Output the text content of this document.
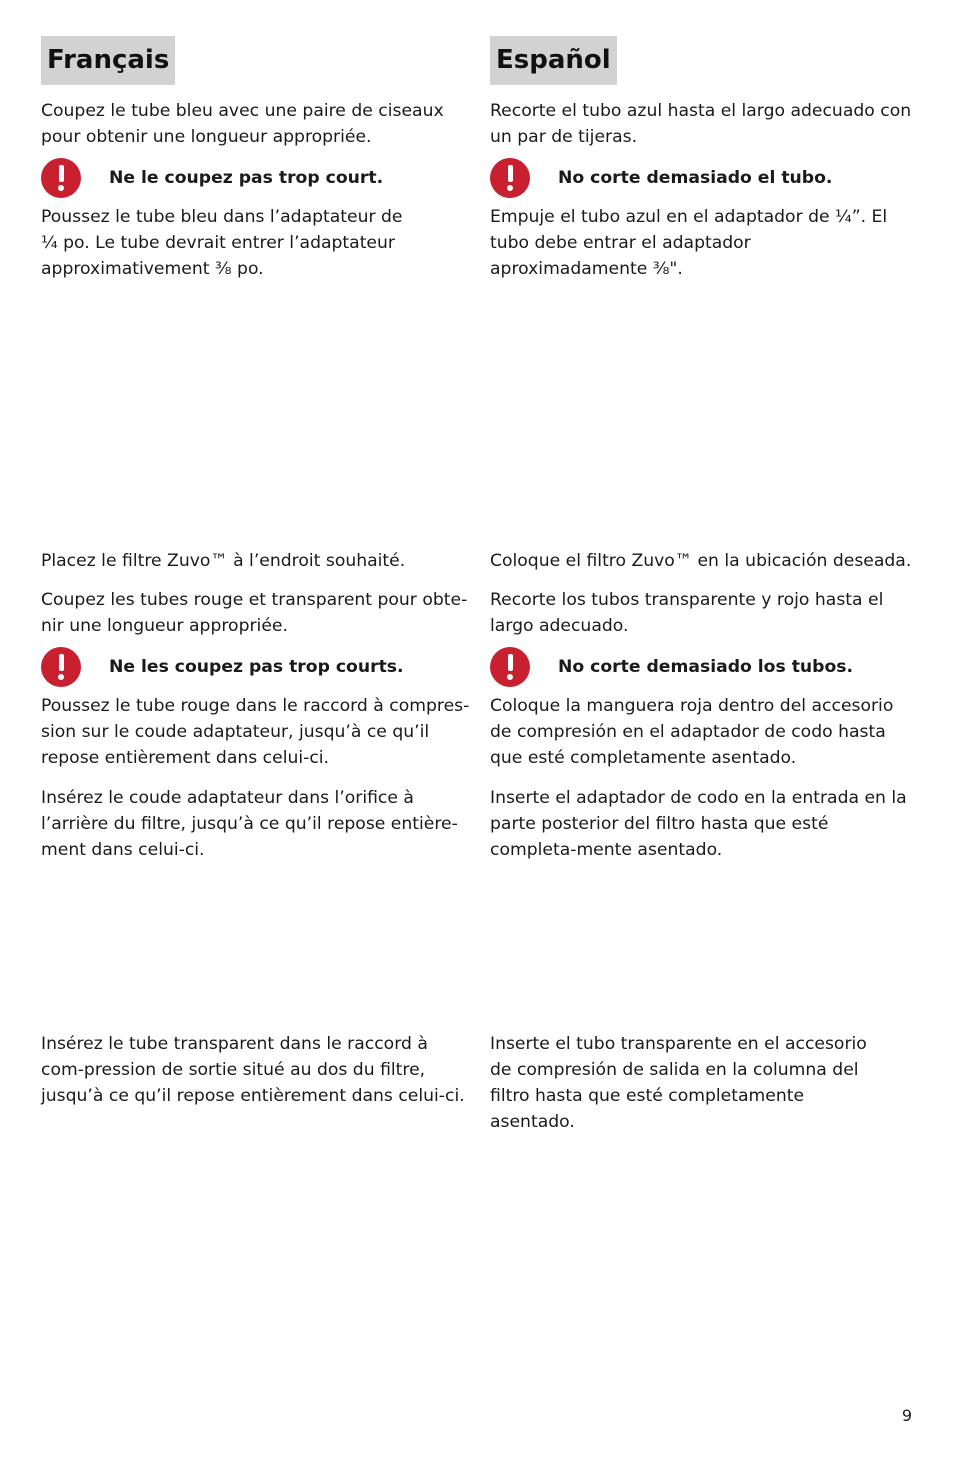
Français

Coupez le tube bleu avec une paire de ciseaux pour obtenir une longueur appropriée.

Ne le coupez pas trop court.

Poussez le tube bleu dans l’adaptateur de ¼ po. Le tube devrait entrer l’adaptateur approximativement ⅜ po.

Placez le filtre Zuvo™ à l’endroit souhaité.

Coupez les tubes rouge et transparent pour obte-nir une longueur appropriée.

Ne les coupez pas trop courts.

Poussez le tube rouge dans le raccord à compres-sion sur le coude adaptateur, jusqu’à ce qu’il repose entièrement dans celui-ci.

Insérez le coude adaptateur dans l’orifice à l’arrière du filtre, jusqu’à ce qu’il repose entière-ment dans celui-ci.

Insérez le tube transparent dans le raccord à com-pression de sortie situé au dos du filtre, jusqu’à ce qu’il repose entièrement dans celui-ci.

Español

Recorte el tubo azul hasta el largo adecuado con un par de tijeras.

No corte demasiado el tubo.

Empuje el tubo azul en el adaptador de ¼”. El tubo debe entrar el adaptador aproximadamente ⅜".

Coloque el filtro Zuvo™ en la ubicación deseada.

Recorte los tubos transparente y rojo hasta el largo adecuado.

No corte demasiado los tubos.

Coloque la manguera roja dentro del accesorio de compresión en el adaptador de codo hasta que esté completamente asentado.

Inserte el adaptador de codo en la entrada en la parte posterior del filtro hasta que esté completa-mente asentado.

Inserte el tubo transparente en el accesorio de compresión de salida en la columna del filtro hasta que esté completamente asentado.

9
